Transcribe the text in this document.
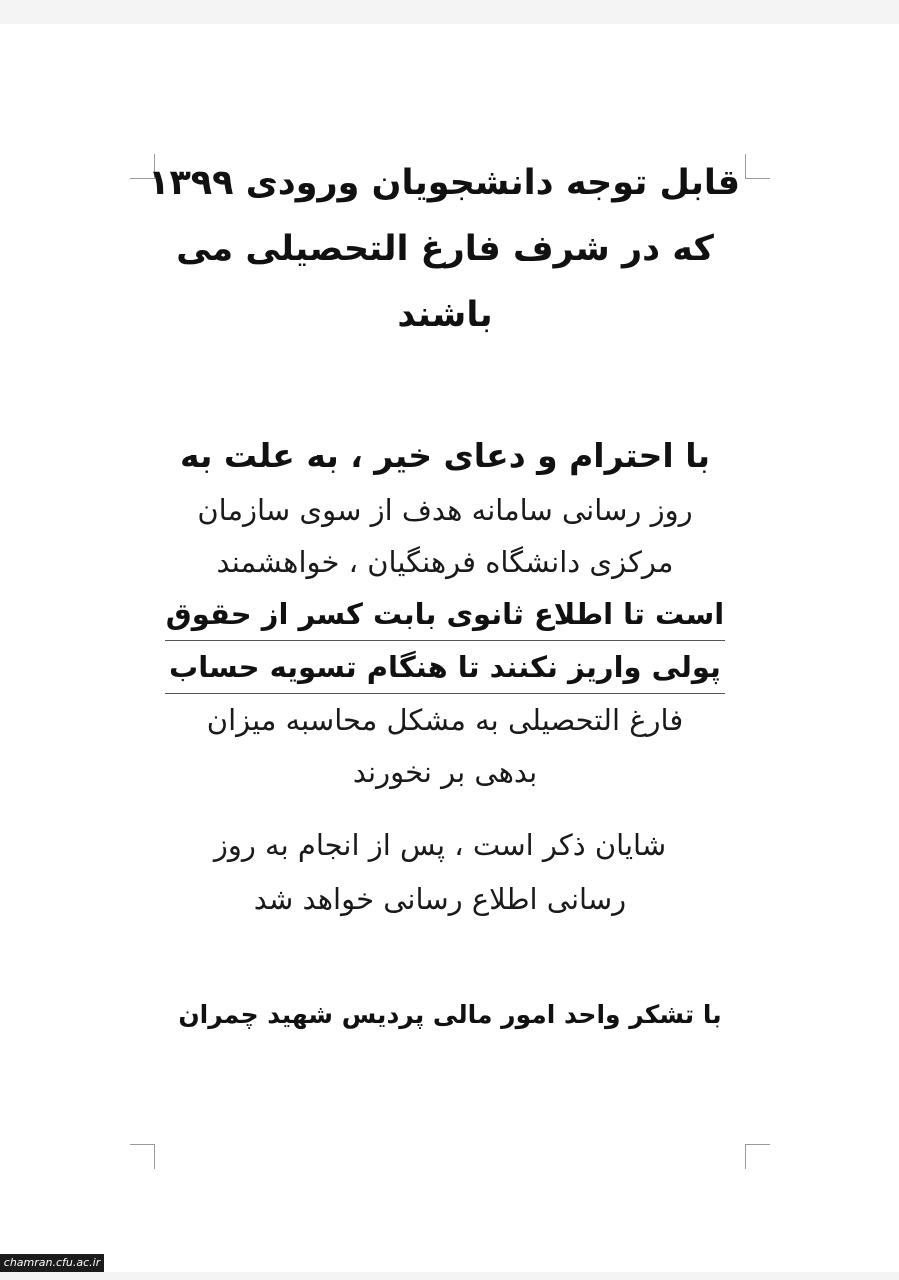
قابل توجه دانشجویان ورودی ۱۳۹۹
که در شرف فارغ التحصیلی می
باشند
با احترام و دعای خیر ، به علت به
روز رسانی سامانه هدف از سوی سازمان
مرکزی دانشگاه فرهنگیان ، خواهشمند
است تا اطلاع ثانوی بابت کسر از حقوق
پولی واریز نکنند تا هنگام تسویه حساب
فارغ التحصیلی به مشکل محاسبه میزان
بدهی بر نخورند
شایان ذکر است ، پس از انجام به روز
رسانی اطلاع رسانی خواهد شد

با تشکر واحد امور مالی پردیس شهید چمران

chamran.cfu.ac.ir
